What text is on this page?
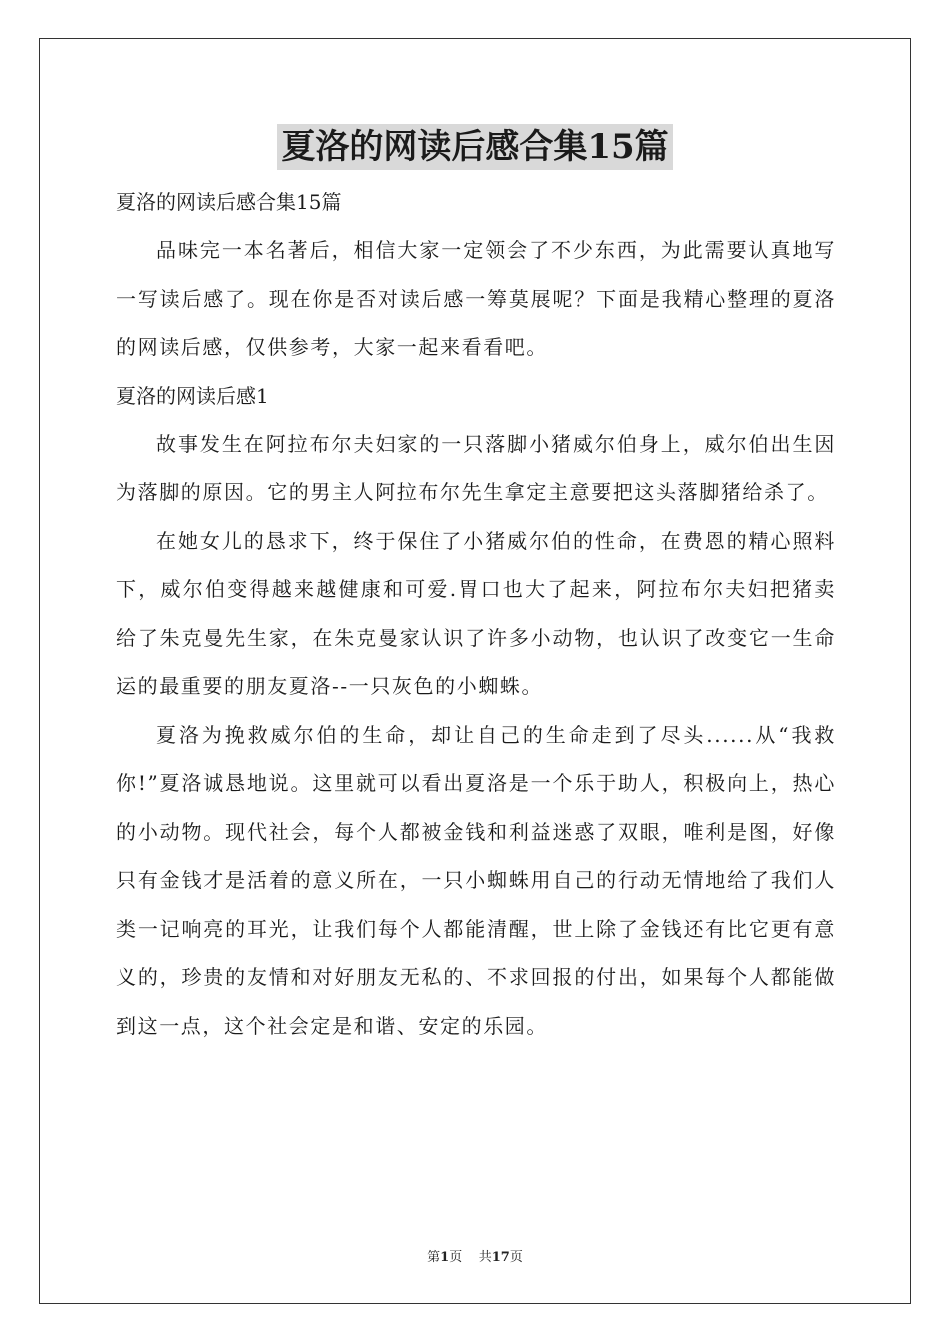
夏洛的网读后感合集15篇

夏洛的网读后感合集15篇

品味完一本名著后，相信大家一定领会了不少东西，为此需要认真地写一写读后感了。现在你是否对读后感一筹莫展呢？下面是我精心整理的夏洛的网读后感，仅供参考，大家一起来看看吧。

夏洛的网读后感1

故事发生在阿拉布尔夫妇家的一只落脚小猪威尔伯身上，威尔伯出生因为落脚的原因。它的男主人阿拉布尔先生拿定主意要把这头落脚猪给杀了。

在她女儿的恳求下，终于保住了小猪威尔伯的性命，在费恩的精心照料下，威尔伯变得越来越健康和可爱.胃口也大了起来，阿拉布尔夫妇把猪卖给了朱克曼先生家，在朱克曼家认识了许多小动物，也认识了改变它一生命运的最重要的朋友夏洛--一只灰色的小蜘蛛。

夏洛为挽救威尔伯的生命，却让自己的生命走到了尽头......从“我救你!”夏洛诚恳地说。这里就可以看出夏洛是一个乐于助人，积极向上，热心的小动物。现代社会，每个人都被金钱和利益迷惑了双眼，唯利是图，好像只有金钱才是活着的意义所在，一只小蜘蛛用自己的行动无情地给了我们人类一记响亮的耳光，让我们每个人都能清醒，世上除了金钱还有比它更有意义的，珍贵的友情和对好朋友无私的、不求回报的付出，如果每个人都能做到这一点，这个社会定是和谐、安定的乐园。

第1页 共17页
